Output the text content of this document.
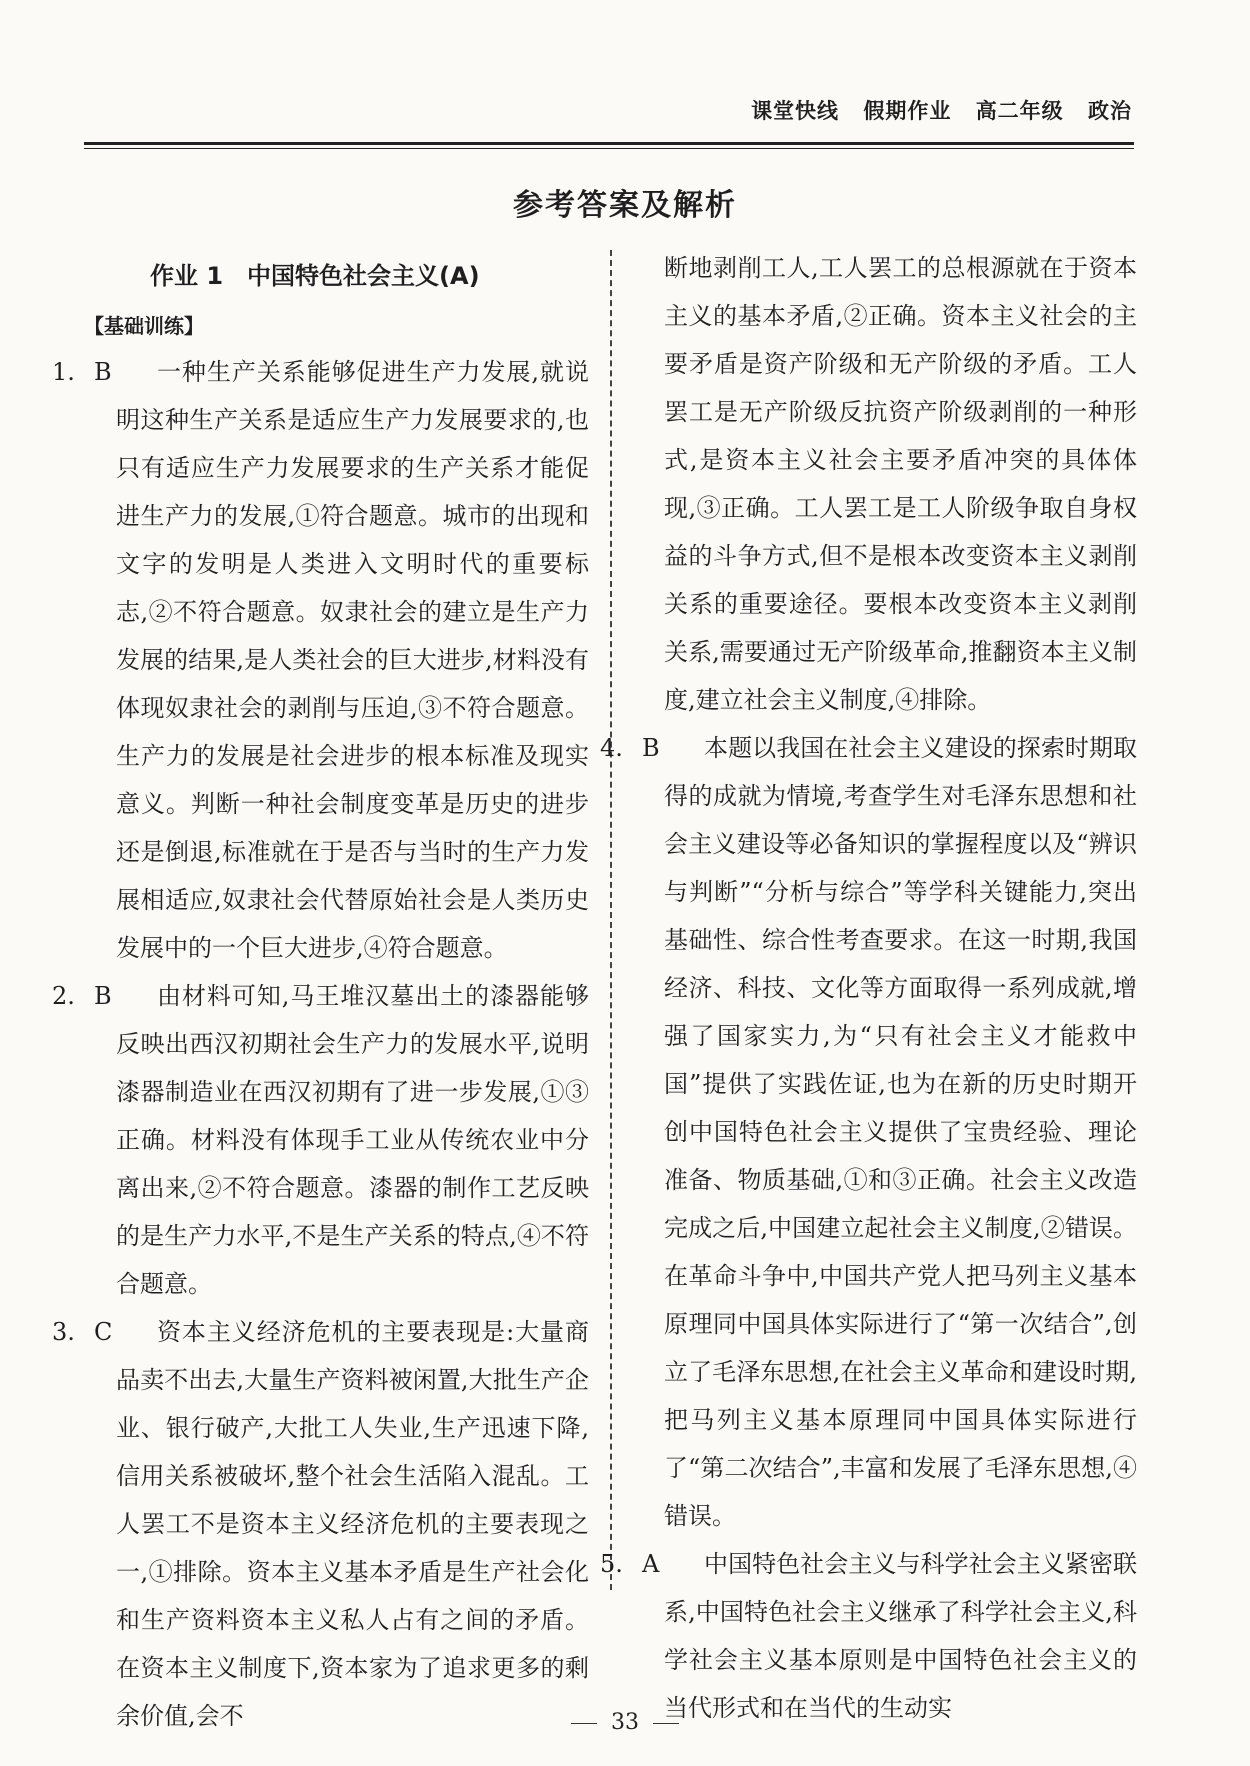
课堂快线 假期作业 高二年级 政治
参考答案及解析
作业 1　中国特色社会主义(A)
【基础训练】
1. B 一种生产关系能够促进生产力发展,就说明这种生产关系是适应生产力发展要求的,也只有适应生产力发展要求的生产关系才能促进生产力的发展,①符合题意。城市的出现和文字的发明是人类进入文明时代的重要标志,②不符合题意。奴隶社会的建立是生产力发展的结果,是人类社会的巨大进步,材料没有体现奴隶社会的剥削与压迫,③不符合题意。生产力的发展是社会进步的根本标准及现实意义。判断一种社会制度变革是历史的进步还是倒退,标准就在于是否与当时的生产力发展相适应,奴隶社会代替原始社会是人类历史发展中的一个巨大进步,④符合题意。
2. B 由材料可知,马王堆汉墓出土的漆器能够反映出西汉初期社会生产力的发展水平,说明漆器制造业在西汉初期有了进一步发展,①③正确。材料没有体现手工业从传统农业中分离出来,②不符合题意。漆器的制作工艺反映的是生产力水平,不是生产关系的特点,④不符合题意。
3. C 资本主义经济危机的主要表现是:大量商品卖不出去,大量生产资料被闲置,大批生产企业、银行破产,大批工人失业,生产迅速下降,信用关系被破坏,整个社会生活陷入混乱。工人罢工不是资本主义经济危机的主要表现之一,①排除。资本主义基本矛盾是生产社会化和生产资料资本主义私人占有之间的矛盾。在资本主义制度下,资本家为了追求更多的剩余价值,会不
断地剥削工人,工人罢工的总根源就在于资本主义的基本矛盾,②正确。资本主义社会的主要矛盾是资产阶级和无产阶级的矛盾。工人罢工是无产阶级反抗资产阶级剥削的一种形式,是资本主义社会主要矛盾冲突的具体体现,③正确。工人罢工是工人阶级争取自身权益的斗争方式,但不是根本改变资本主义剥削关系的重要途径。要根本改变资本主义剥削关系,需要通过无产阶级革命,推翻资本主义制度,建立社会主义制度,④排除。
4. B 本题以我国在社会主义建设的探索时期取得的成就为情境,考查学生对毛泽东思想和社会主义建设等必备知识的掌握程度以及“辨识与判断”“分析与综合”等学科关键能力,突出基础性、综合性考查要求。在这一时期,我国经济、科技、文化等方面取得一系列成就,增强了国家实力,为“只有社会主义才能救中国”提供了实践佐证,也为在新的历史时期开创中国特色社会主义提供了宝贵经验、理论准备、物质基础,①和③正确。社会主义改造完成之后,中国建立起社会主义制度,②错误。在革命斗争中,中国共产党人把马列主义基本原理同中国具体实际进行了“第一次结合”,创立了毛泽东思想,在社会主义革命和建设时期,把马列主义基本原理同中国具体实际进行了“第二次结合”,丰富和发展了毛泽东思想,④错误。
5. A 中国特色社会主义与科学社会主义紧密联系,中国特色社会主义继承了科学社会主义,科学社会主义基本原则是中国特色社会主义的当代形式和在当代的生动实
33
